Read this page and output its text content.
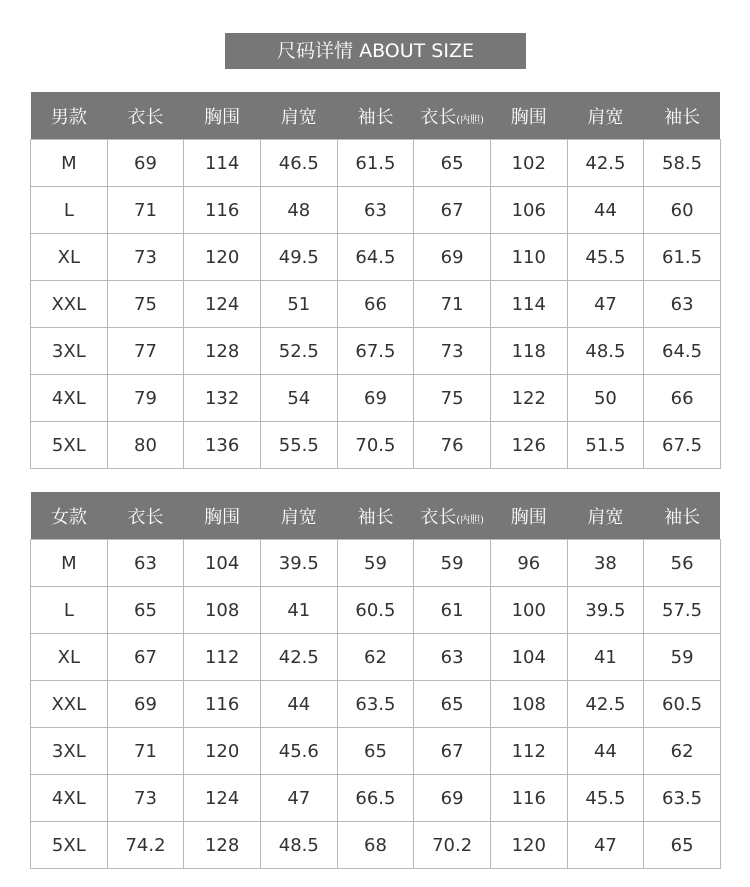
尺码详情 ABOUT SIZE
男款	衣长	胸围	肩宽	袖长	衣长(内胆)	胸围	肩宽	袖长
M	69	114	46.5	61.5	65	102	42.5	58.5
L	71	116	48	63	67	106	44	60
XL	73	120	49.5	64.5	69	110	45.5	61.5
XXL	75	124	51	66	71	114	47	63
3XL	77	128	52.5	67.5	73	118	48.5	64.5
4XL	79	132	54	69	75	122	50	66
5XL	80	136	55.5	70.5	76	126	51.5	67.5
女款	衣长	胸围	肩宽	袖长	衣长(内胆)	胸围	肩宽	袖长
M	63	104	39.5	59	59	96	38	56
L	65	108	41	60.5	61	100	39.5	57.5
XL	67	112	42.5	62	63	104	41	59
XXL	69	116	44	63.5	65	108	42.5	60.5
3XL	71	120	45.6	65	67	112	44	62
4XL	73	124	47	66.5	69	116	45.5	63.5
5XL	74.2	128	48.5	68	70.2	120	47	65
